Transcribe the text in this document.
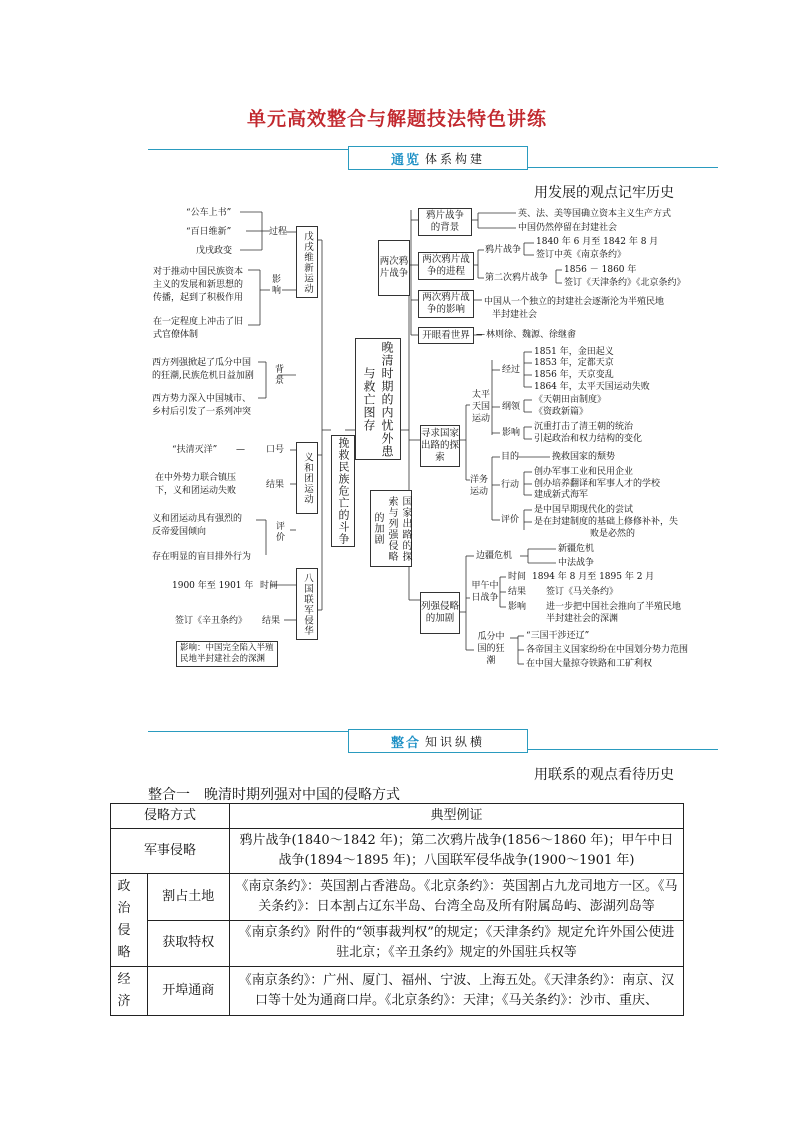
单元高效整合与解题技法特色讲练
通览 体系构建
用发展的观点记牢历史
晚清时期的内忧外患与救亡图存
挽救民族危亡的斗争	国家出路的探索与列强侵略的加剧
戊戌维新运动
过程
“公车上书”
“百日维新”
戊戌政变
影响
对于推动中国民族资本
主义的发展和新思想的
传播，起到了积极作用
在一定程度上冲击了旧
式官僚体制
义和团运动
背景
西方列强掀起了瓜分中国
的狂潮,民族危机日益加剧
西方势力深入中国城市、
乡村后引发了一系列冲突
“扶清灭洋” — 口号
在中外势力联合镇压
下，义和团运动失败
结果
义和团运动具有强烈的
反帝爱国倾向
存在明显的盲目排外行为
评价
八国联军侵华
1900 年至 1901 年 时间
签订《辛丑条约》 结果
影响：中国完全陷入半殖
民地半封建社会的深渊
两次鸦片战争
鸦片战争的背景
英、法、美等国确立资本主义生产方式
中国仍然停留在封建社会
两次鸦片战争的进程
鸦片战争
1840 年 6 月至 1842 年 8 月
签订中英《南京条约》
第二次鸦片战争
1856 － 1860 年
签订《天津条约》《北京条约》
两次鸦片战争的影响
中国从一个独立的封建社会逐渐沦为半殖民地
半封建社会
开眼看世界 — 林则徐、魏源、徐继畬
寻求国家出路的探索
太平天国运动
经过
1851 年，金田起义
1853 年，定都天京
1856 年，天京变乱
1864 年，太平天国运动失败
纲领
《天朝田亩制度》
《资政新篇》
影响
沉重打击了清王朝的统治
引起政治和权力结构的变化
洋务运动
目的	挽救国家的颓势
行动
创办军事工业和民用企业
创办培养翻译和军事人才的学校
建成新式海军
评价
是中国早期现代化的尝试
是在封建制度的基础上修修补补，失
败是必然的
列强侵略的加剧
边疆危机
新疆危机
中法战争
甲午中日战争
时间 1894 年 8 月至 1895 年 2 月
结果 签订《马关条约》
影响 进一步把中国社会推向了半殖民地
半封建社会的深渊
瓜分中国的狂潮
“三国干涉还辽”
各帝国主义国家纷纷在中国划分势力范围
在中国大量掠夺铁路和工矿利权
整合 知识纵横
用联系的观点看待历史
整合一　晚清时期列强对中国的侵略方式
侵略方式		典型例证
军事侵略		鸦片战争(1840～1842 年)；第二次鸦片战争(1856～1860 年)；甲午中日战争(1894～1895 年)；八国联军侵华战争(1900～1901 年)

政治侵略	割占土地	《南京条约》：英国割占香港岛。《北京条约》：英国割占九龙司地方一区。《马关条约》：日本割占辽东半岛、台湾全岛及所有附属岛屿、澎湖列岛等
	获取特权	《南京条约》附件的“领事裁判权”的规定；《天津条约》规定允许外国公使进驻北京；《辛丑条约》规定的外国驻兵权等

经济	开埠通商	《南京条约》：广州、厦门、福州、宁波、上海五处。《天津条约》：南京、汉口等十处为通商口岸。《北京条约》：天津；《马关条约》：沙市、重庆、
